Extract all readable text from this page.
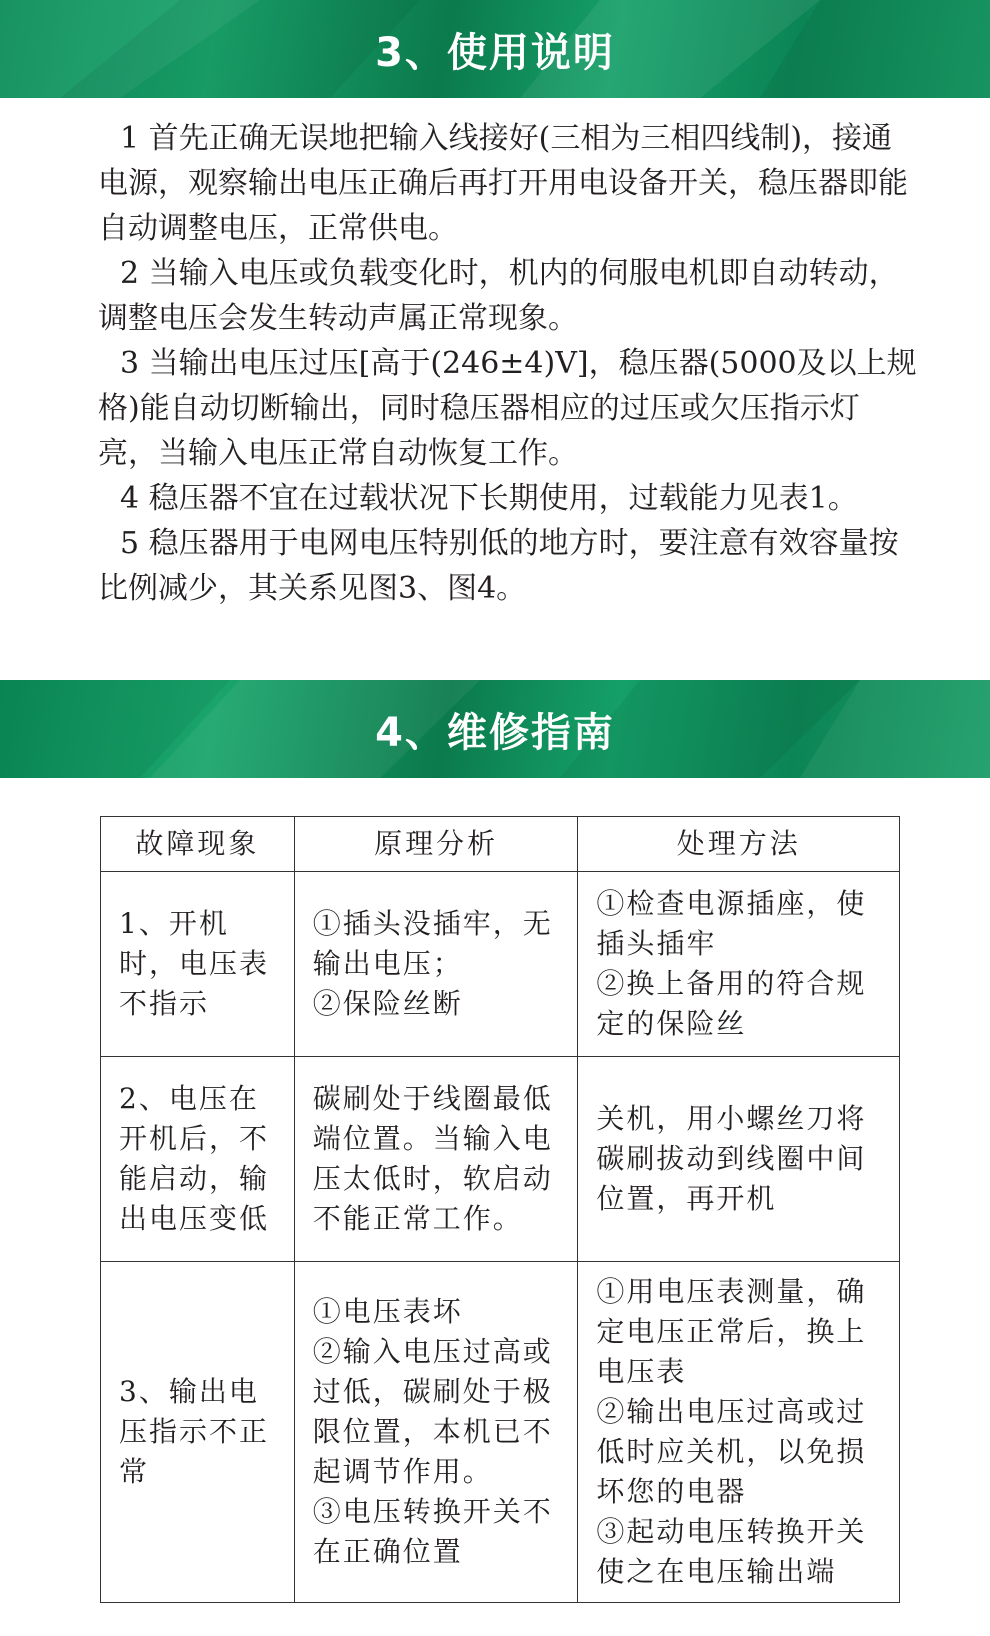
3、使用说明

1 首先正确无误地把输入线接好(三相为三相四线制)，接通电源，观察输出电压正确后再打开用电设备开关，稳压器即能自动调整电压，正常供电。

2 当输入电压或负载变化时，机内的伺服电机即自动转动，调整电压会发生转动声属正常现象。

3 当输出电压过压[高于(246±4)V]，稳压器(5000及以上规格)能自动切断输出，同时稳压器相应的过压或欠压指示灯亮，当输入电压正常自动恢复工作。

4 稳压器不宜在过载状况下长期使用，过载能力见表1。

5 稳压器用于电网电压特别低的地方时，要注意有效容量按比例减少，其关系见图3、图4。

4、维修指南
故障现象	原理分析	处理方法
1、开机时，电压表不指示	①插头没插牢，无输出电压；
②保险丝断	①检查电源插座，使插头插牢
②换上备用的符合规定的保险丝

2、电压在开机后，不能启动，输出电压变低	碳刷处于线圈最低端位置。当输入电压太低时，软启动不能正常工作。	关机，用小螺丝刀将碳刷拔动到线圈中间位置，再开机

3、输出电压指示不正常	①电压表坏
②输入电压过高或过低，碳刷处于极限位置，本机已不起调节作用。
③电压转换开关不在正确位置	①用电压表测量，确定电压正常后，换上电压表
②输出电压过高或过低时应关机，以免损坏您的电器
③起动电压转换开关使之在电压输出端
